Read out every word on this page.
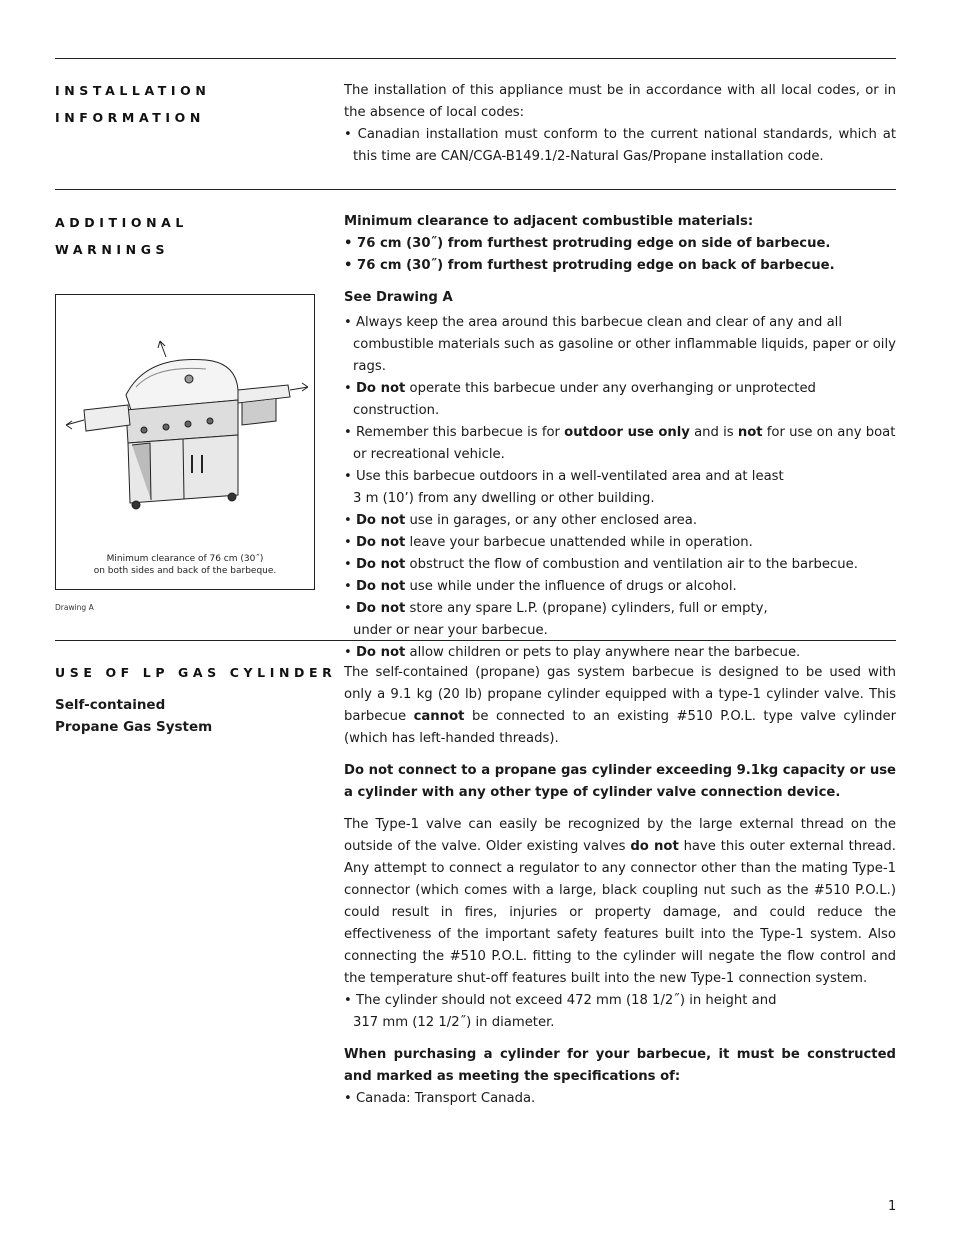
INSTALLATION
INFORMATION

The installation of this appliance must be in accordance with all local codes, or in the absence of local codes:

• Canadian installation must conform to the current national standards, which at this time are CAN/CGA-B149.1/2-Natural Gas/Propane installation code.

ADDITIONAL
WARNINGS
Minimum clearance of 76 cm (30˝)
on both sides and back of the barbeque.
Drawing A

Minimum clearance to adjacent combustible materials:

• 76 cm (30˝) from furthest protruding edge on side of barbecue.

• 76 cm (30˝) from furthest protruding edge on back of barbecue.

See Drawing A

• Always keep the area around this barbecue clean and clear of any and all combustible materials such as gasoline or other inflammable liquids, paper or oily rags.

• Do not operate this barbecue under any overhanging or unprotected construction.

• Remember this barbecue is for outdoor use only and is not for use on any boat or recreational vehicle.

• Use this barbecue outdoors in a well-ventilated area and at least
3 m (10’) from any dwelling or other building.

• Do not use in garages, or any other enclosed area.

• Do not leave your barbecue unattended while in operation.

• Do not obstruct the flow of combustion and ventilation air to the barbecue.

• Do not use while under the influence of drugs or alcohol.

• Do not store any spare L.P. (propane) cylinders, full or empty,
under or near your barbecue.

• Do not allow children or pets to play anywhere near the barbecue.

USE OF LP GAS CYLINDER
Self-contained
Propane Gas System

The self-contained (propane) gas system barbecue is designed to be used with only a 9.1 kg (20 lb) propane cylinder equipped with a type-1 cylinder valve. This barbecue cannot be connected to an existing #510 P.O.L. type valve cylinder (which has left-handed threads).

Do not connect to a propane gas cylinder exceeding 9.1kg capacity or use a cylinder with any other type of cylinder valve connection device.

The Type-1 valve can easily be recognized by the large external thread on the outside of the valve. Older existing valves do not have this outer external thread. Any attempt to connect a regulator to any connector other than the mating Type-1 connector (which comes with a large, black coupling nut such as the #510 P.O.L.) could result in fires, injuries or property damage, and could reduce the effectiveness of the important safety features built into the Type-1 system. Also connecting the #510 P.O.L. fitting to the cylinder will negate the flow control and the temperature shut-off features built into the new Type-1 connection system.

• The cylinder should not exceed 472 mm (18 1/2˝) in height and
317 mm (12 1/2˝) in diameter.

When purchasing a cylinder for your barbecue, it must be constructed and marked as meeting the specifications of:

• Canada: Transport Canada.

1
